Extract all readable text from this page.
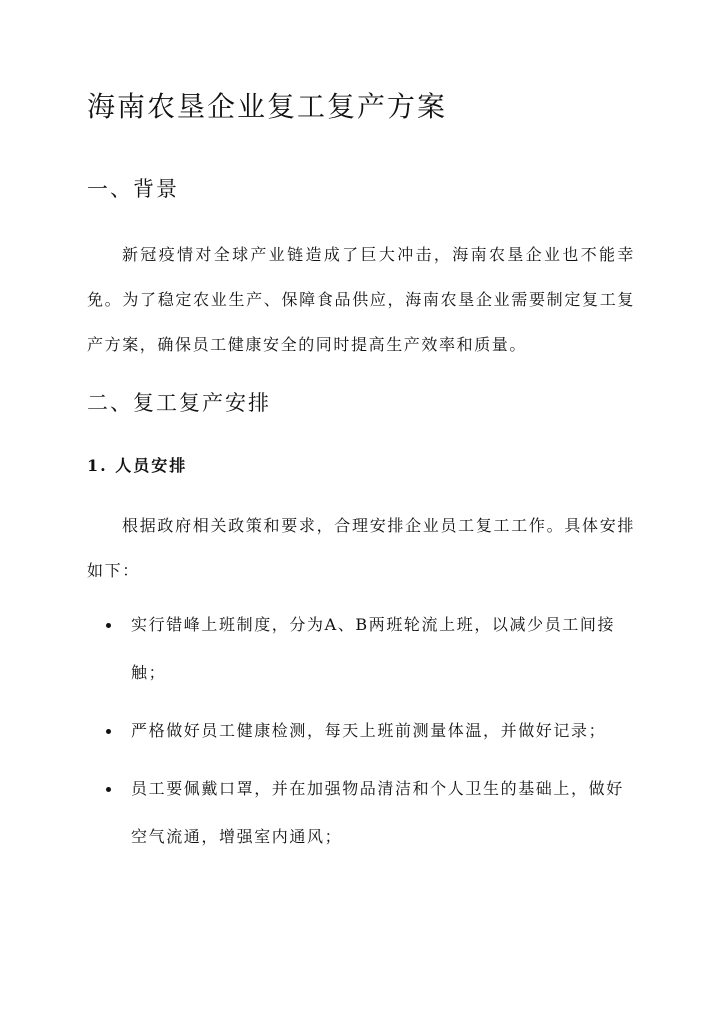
海南农垦企业复工复产方案
一、背景

新冠疫情对全球产业链造成了巨大冲击，海南农垦企业也不能幸免。为了稳定农业生产、保障食品供应，海南农垦企业需要制定复工复产方案，确保员工健康安全的同时提高生产效率和质量。

二、复工复产安排
1. 人员安排

根据政府相关政策和要求，合理安排企业员工复工工作。具体安排如下：

实行错峰上班制度，分为A、B两班轮流上班，以减少员工间接触；
严格做好员工健康检测，每天上班前测量体温，并做好记录；
员工要佩戴口罩，并在加强物品清洁和个人卫生的基础上，做好空气流通，增强室内通风；
